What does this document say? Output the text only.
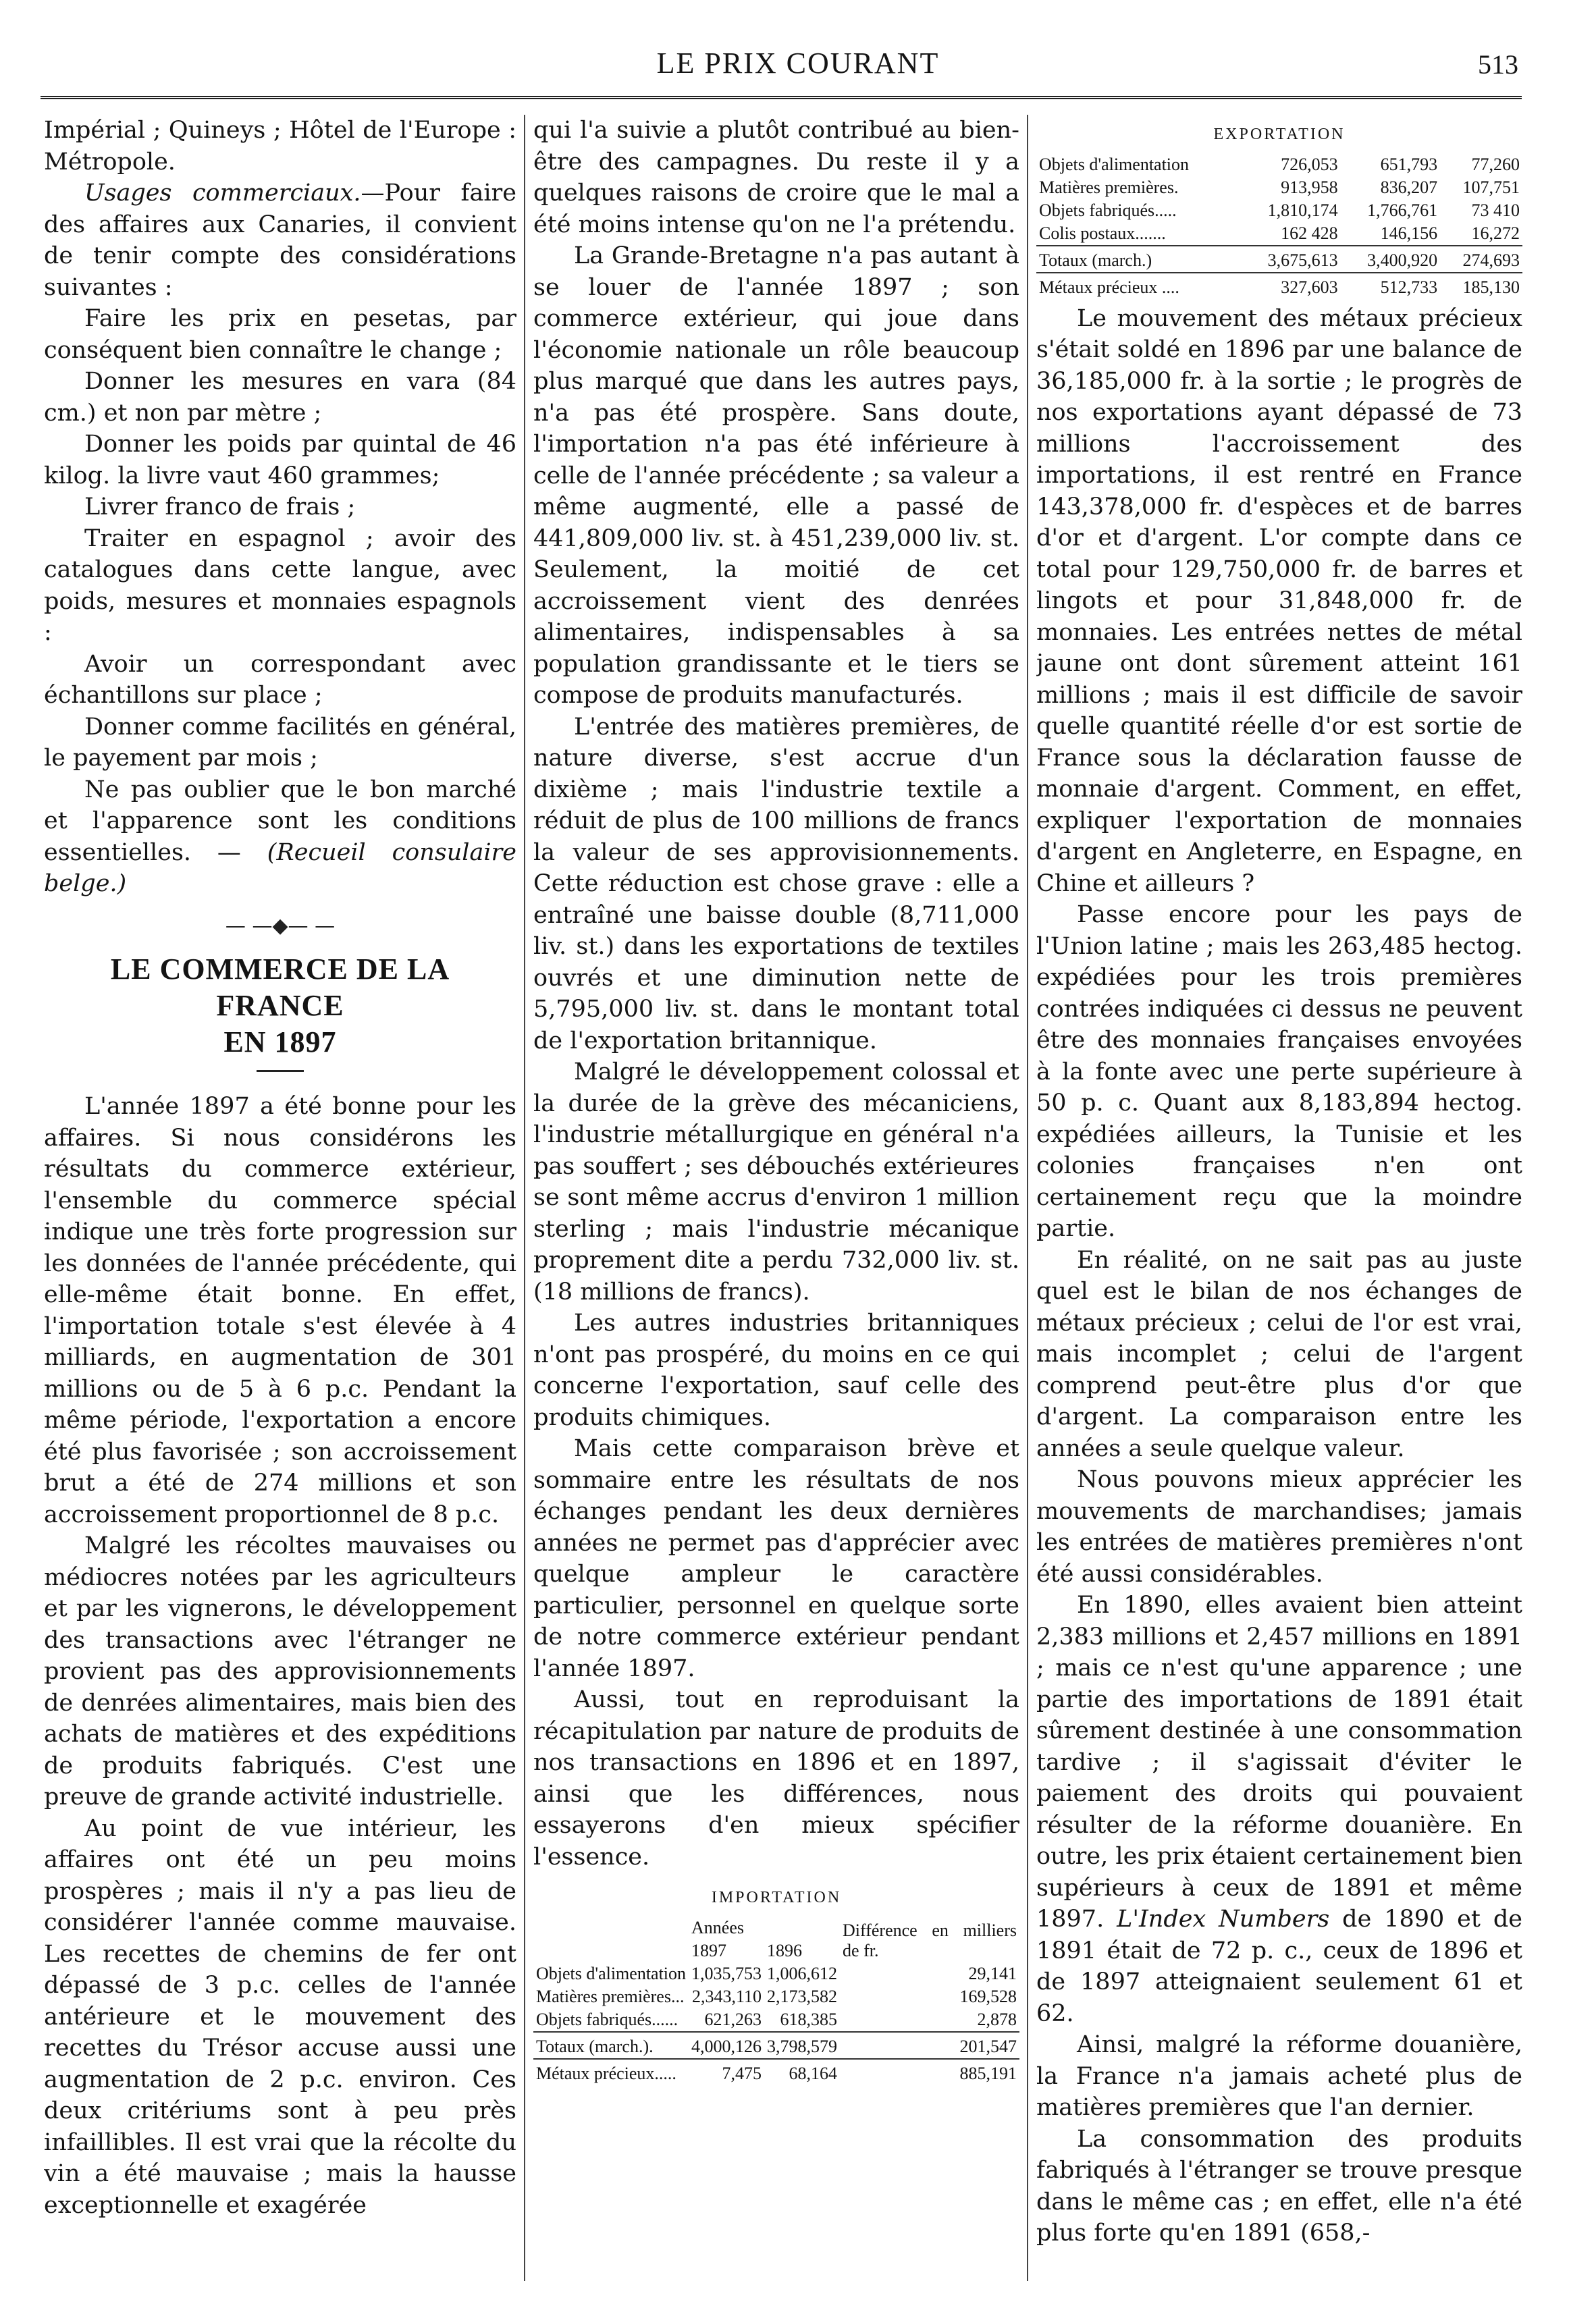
LE PRIX COURANT	513

Impérial ; Quineys ; Hôtel de l'Europe : Métropole.

Usages commerciaux.—Pour faire des affaires aux Canaries, il convient de tenir compte des considérations suivantes :

Faire les prix en pesetas, par conséquent bien connaître le change ;

Donner les mesures en vara (84 cm.) et non par mètre ;

Donner les poids par quintal de 46 kilog. la livre vaut 460 grammes;

Livrer franco de frais ;

Traiter en espagnol ; avoir des catalogues dans cette langue, avec poids, mesures et monnaies espagnols :

Avoir un correspondant avec échantillons sur place ;

Donner comme facilités en général, le payement par mois ;

Ne pas oublier que le bon marché et l'apparence sont les conditions essentielles. — (Recueil consulaire belge.)

— —◆— —
LE COMMERCE DE LA FRANCE
EN 1897

L'année 1897 a été bonne pour les affaires. Si nous considérons les résultats du commerce extérieur, l'ensemble du commerce spécial indique une très forte progression sur les données de l'année précédente, qui elle-même était bonne. En effet, l'importation totale s'est élevée à 4 milliards, en augmentation de 301 millions ou de 5 à 6 p.c. Pendant la même période, l'exportation a encore été plus favorisée ; son accroissement brut a été de 274 millions et son accroissement proportionnel de 8 p.c.

Malgré les récoltes mauvaises ou médiocres notées par les agriculteurs et par les vignerons, le développement des transactions avec l'étranger ne provient pas des approvisionnements de denrées alimentaires, mais bien des achats de matières et des expéditions de produits fabriqués. C'est une preuve de grande activité industrielle.

Au point de vue intérieur, les affaires ont été un peu moins prospères ; mais il n'y a pas lieu de considérer l'année comme mauvaise. Les recettes de chemins de fer ont dépassé de 3 p.c. celles de l'année antérieure et le mouvement des recettes du Trésor accuse aussi une augmentation de 2 p.c. environ. Ces deux critériums sont à peu près infaillibles. Il est vrai que la récolte du vin a été mauvaise ; mais la hausse exceptionnelle et exagérée

qui l'a suivie a plutôt contribué au bien-être des campagnes. Du reste il y a quelques raisons de croire que le mal a été moins intense qu'on ne l'a prétendu.

La Grande-Bretagne n'a pas autant à se louer de l'année 1897 ; son commerce extérieur, qui joue dans l'économie nationale un rôle beaucoup plus marqué que dans les autres pays, n'a pas été prospère. Sans doute, l'importation n'a pas été inférieure à celle de l'année précédente ; sa valeur a même augmenté, elle a passé de 441,809,000 liv. st. à 451,239,000 liv. st. Seulement, la moitié de cet accroissement vient des denrées alimentaires, indispensables à sa population grandissante et le tiers se compose de produits manufacturés.

L'entrée des matières premières, de nature diverse, s'est accrue d'un dixième ; mais l'industrie textile a réduit de plus de 100 millions de francs la valeur de ses approvisionnements. Cette réduction est chose grave : elle a entraîné une baisse double (8,711,000 liv. st.) dans les exportations de textiles ouvrés et une diminution nette de 5,795,000 liv. st. dans le montant total de l'exportation britannique.

Malgré le développement colossal et la durée de la grève des mécaniciens, l'industrie métallurgique en général n'a pas souffert ; ses débouchés extérieures se sont même accrus d'environ 1 million sterling ; mais l'industrie mécanique proprement dite a perdu 732,000 liv. st. (18 millions de francs).

Les autres industries britanniques n'ont pas prospéré, du moins en ce qui concerne l'exportation, sauf celle des produits chimiques.

Mais cette comparaison brève et sommaire entre les résultats de nos échanges pendant les deux dernières années ne permet pas d'apprécier avec quelque ampleur le caractère particulier, personnel en quelque sorte de notre commerce extérieur pendant l'année 1897.

Aussi, tout en reproduisant la récapitulation par nature de produits de nos transactions en 1896 et en 1897, ainsi que les différences, nous essayerons d'en mieux spécifier l'essence.

IMPORTATION
	Années		Différence en milliers de fr.
	1897	1896	
Objets d'alimentation	1,035,753	1,006,612	29,141
Matières premières...	2,343,110	2,173,582	169,528
Objets fabriqués......	621,263	618,385	2,878
Totaux (march.).	4,000,126	3,798,579	201,547
Métaux précieux.....	7,475	68,164	885,191
EXPORTATION
Objets d'alimentation	726,053	651,793	77,260
Matières premières.	913,958	836,207	107,751
Objets fabriqués.....	1,810,174	1,766,761	73 410
Colis postaux.......	162 428	146,156	16,272
Totaux (march.)	3,675,613	3,400,920	274,693
Métaux précieux ....	327,603	512,733	185,130

Le mouvement des métaux précieux s'était soldé en 1896 par une balance de 36,185,000 fr. à la sortie ; le progrès de nos exportations ayant dépassé de 73 millions l'accroissement des importations, il est rentré en France 143,378,000 fr. d'espèces et de barres d'or et d'argent. L'or compte dans ce total pour 129,750,000 fr. de barres et lingots et pour 31,848,000 fr. de monnaies. Les entrées nettes de métal jaune ont dont sûrement atteint 161 millions ; mais il est difficile de savoir quelle quantité réelle d'or est sortie de France sous la déclaration fausse de monnaie d'argent. Comment, en effet, expliquer l'exportation de monnaies d'argent en Angleterre, en Espagne, en Chine et ailleurs ?

Passe encore pour les pays de l'Union latine ; mais les 263,485 hectog. expédiées pour les trois premières contrées indiquées ci dessus ne peuvent être des monnaies françaises envoyées à la fonte avec une perte supérieure à 50 p. c. Quant aux 8,183,894 hectog. expédiées ailleurs, la Tunisie et les colonies françaises n'en ont certainement reçu que la moindre partie.

En réalité, on ne sait pas au juste quel est le bilan de nos échanges de métaux précieux ; celui de l'or est vrai, mais incomplet ; celui de l'argent comprend peut-être plus d'or que d'argent. La comparaison entre les années a seule quelque valeur.

Nous pouvons mieux apprécier les mouvements de marchandises; jamais les entrées de matières premières n'ont été aussi considérables.

En 1890, elles avaient bien atteint 2,383 millions et 2,457 millions en 1891 ; mais ce n'est qu'une apparence ; une partie des importations de 1891 était sûrement destinée à une consommation tardive ; il s'agissait d'éviter le paiement des droits qui pouvaient résulter de la réforme douanière. En outre, les prix étaient certainement bien supérieurs à ceux de 1891 et même 1897. L'Index Numbers de 1890 et de 1891 était de 72 p. c., ceux de 1896 et de 1897 atteignaient seulement 61 et 62.

Ainsi, malgré la réforme douanière, la France n'a jamais acheté plus de matières premières que l'an dernier.

La consommation des produits fabriqués à l'étranger se trouve presque dans le même cas ; en effet, elle n'a été plus forte qu'en 1891 (658,-
